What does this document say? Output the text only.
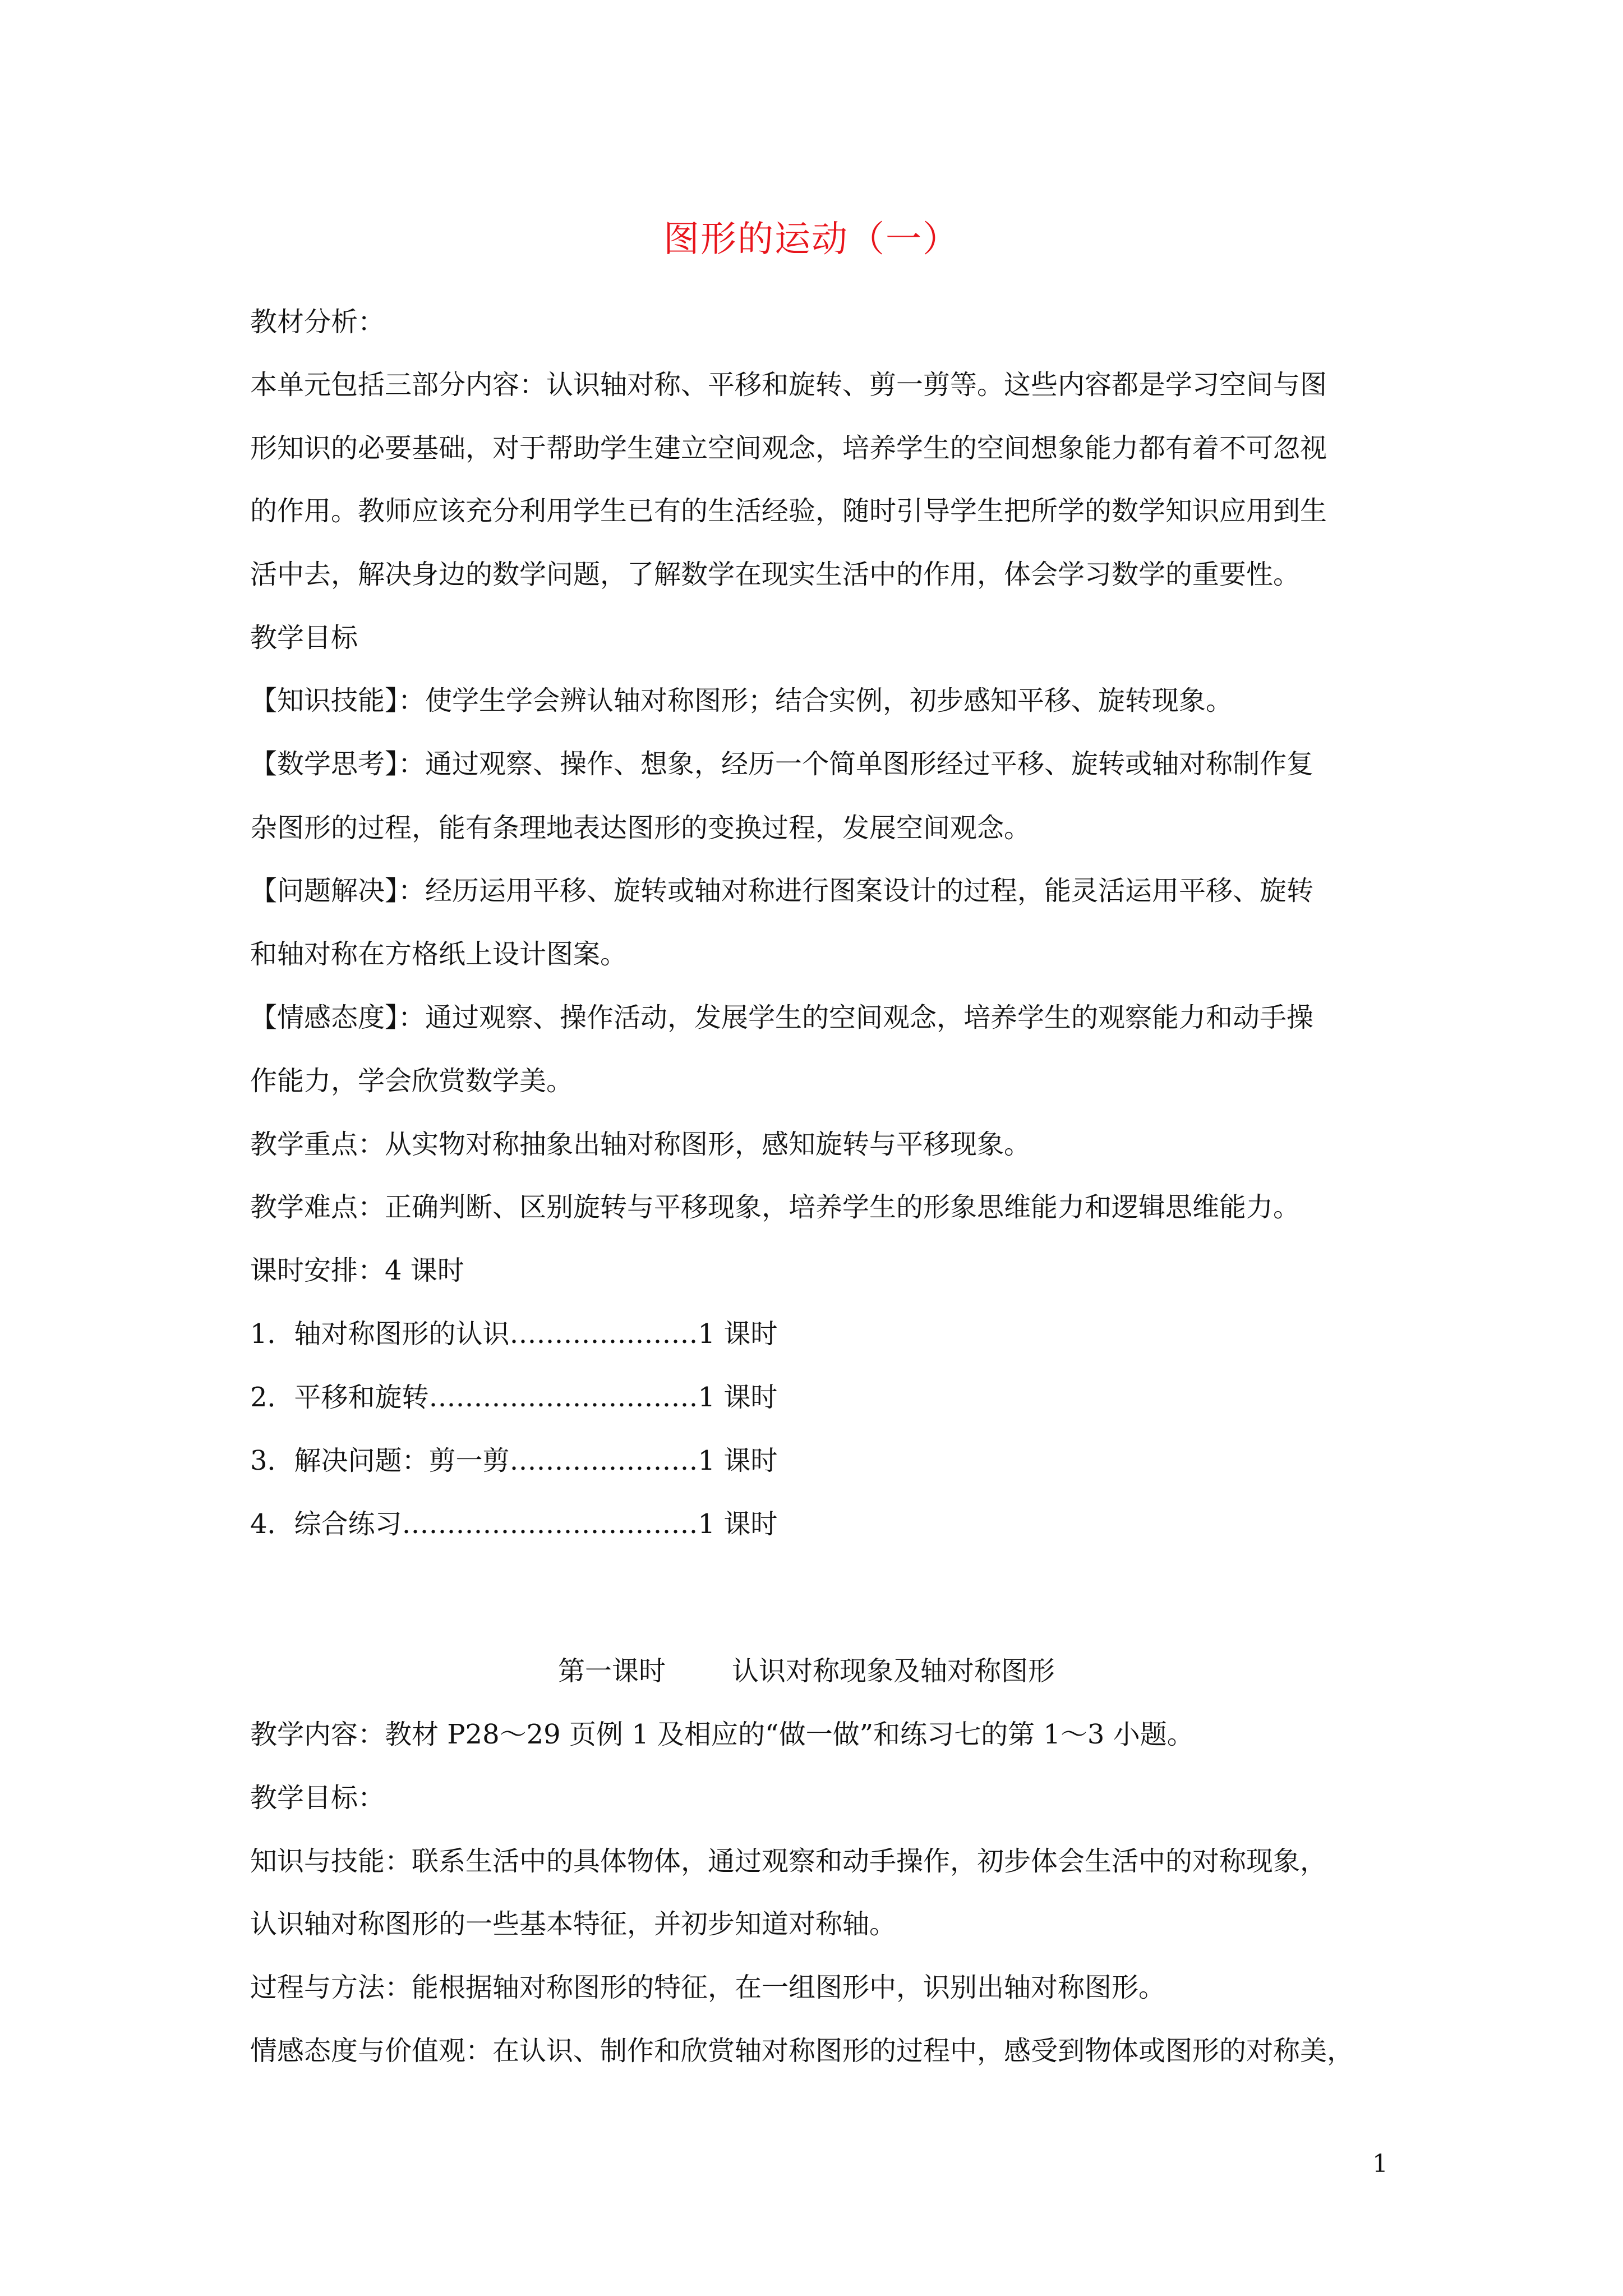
图形的运动（一）
教材分析：
本单元包括三部分内容：认识轴对称、平移和旋转、剪一剪等。这些内容都是学习空间与图
形知识的必要基础，对于帮助学生建立空间观念，培养学生的空间想象能力都有着不可忽视
的作用。教师应该充分利用学生已有的生活经验，随时引导学生把所学的数学知识应用到生
活中去，解决身边的数学问题，了解数学在现实生活中的作用，体会学习数学的重要性。
教学目标
【知识技能】：使学生学会辨认轴对称图形；结合实例，初步感知平移、旋转现象。
【数学思考】：通过观察、操作、想象，经历一个简单图形经过平移、旋转或轴对称制作复
杂图形的过程，能有条理地表达图形的变换过程，发展空间观念。
【问题解决】：经历运用平移、旋转或轴对称进行图案设计的过程，能灵活运用平移、旋转
和轴对称在方格纸上设计图案。
【情感态度】：通过观察、操作活动，发展学生的空间观念，培养学生的观察能力和动手操
作能力，学会欣赏数学美。
教学重点：从实物对称抽象出轴对称图形，感知旋转与平移现象。
教学难点：正确判断、区别旋转与平移现象，培养学生的形象思维能力和逻辑思维能力。
课时安排：4 课时
1．轴对称图形的认识…………………1 课时
2．平移和旋转…………………………1 课时
3．解决问题：剪一剪…………………1 课时
4．综合练习……………………………1 课时
第一课时 认识对称现象及轴对称图形
教学内容：教材 P28～29 页例 1 及相应的“做一做”和练习七的第 1～3 小题。
教学目标：
知识与技能：联系生活中的具体物体，通过观察和动手操作，初步体会生活中的对称现象，
认识轴对称图形的一些基本特征，并初步知道对称轴。
过程与方法：能根据轴对称图形的特征，在一组图形中，识别出轴对称图形。
情感态度与价值观：在认识、制作和欣赏轴对称图形的过程中，感受到物体或图形的对称美，
1
